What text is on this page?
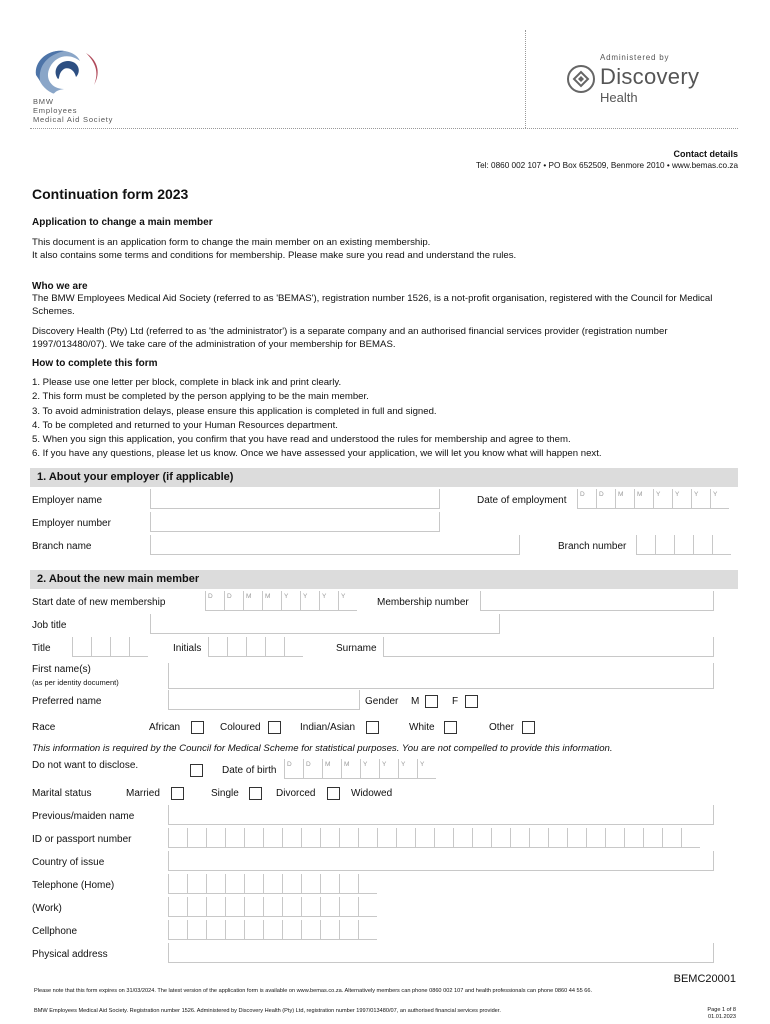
BMW
Employees
Medical Aid Society
Administered by
Discovery
Health
Contact details
Tel: 0860 002 107 • PO Box 652509, Benmore 2010 • www.bemas.co.za
Continuation form 2023
Application to change a main member
This document is an application form to change the main member on an existing membership.
It also contains some terms and conditions for membership. Please make sure you read and understand the rules.
Who we are
The BMW Employees Medical Aid Society (referred to as 'BEMAS'), registration number 1526, is a not-profit organisation, registered with the Council for Medical Schemes.
Discovery Health (Pty) Ltd (referred to as 'the administrator') is a separate company and an authorised financial services provider (registration number 1997/013480/07). We take care of the administration of your membership for BEMAS.
How to complete this form
1. Please use one letter per block, complete in black ink and print clearly.
2. This form must be completed by the person applying to be the main member.
3. To avoid administration delays, please ensure this application is completed in full and signed.
4. To be completed and returned to your Human Resources department.
5. When you sign this application, you confirm that you have read and understood the rules for membership and agree to them.
6. If you have any questions, please let us know. Once we have assessed your application, we will let you know what will happen next.
1. About your employer (if applicable)
Employer name	Date of employment
D	D	M	M	Y	Y	Y	Y
Employer number
Branch name	Branch number
2. About the new main member
Start date of new membership
D	D	M	M	Y	Y	Y	Y
Membership number
Job title
Title	Initials	Surname
First name(s)
(as per identity document)
Preferred name	Gender M	F
Race	African	Coloured	Indian/Asian	White	Other
This information is required by the Council for Medical Scheme for statistical purposes. You are not compelled to provide this information.
Do not want to disclose.	Date of birth
D	D	M	M	Y	Y	Y	Y
Marital status	Married	Single	Divorced	Widowed
Previous/maiden name
ID or passport number
Country of issue
Telephone (Home)
(Work)
Cellphone
Physical address
BEMC20001
Please note that this form expires on 31/03/2024. The latest version of the application form is available on www.bemas.co.za. Alternatively members can phone 0860 002 107 and health professionals can phone 0860 44 55 66.
BMW Employees Medical Aid Society. Registration number 1526. Administered by Discovery Health (Pty) Ltd, registration number 1997/013480/07, an authorised financial services provider.	Page 1 of 8
01.01.2023
